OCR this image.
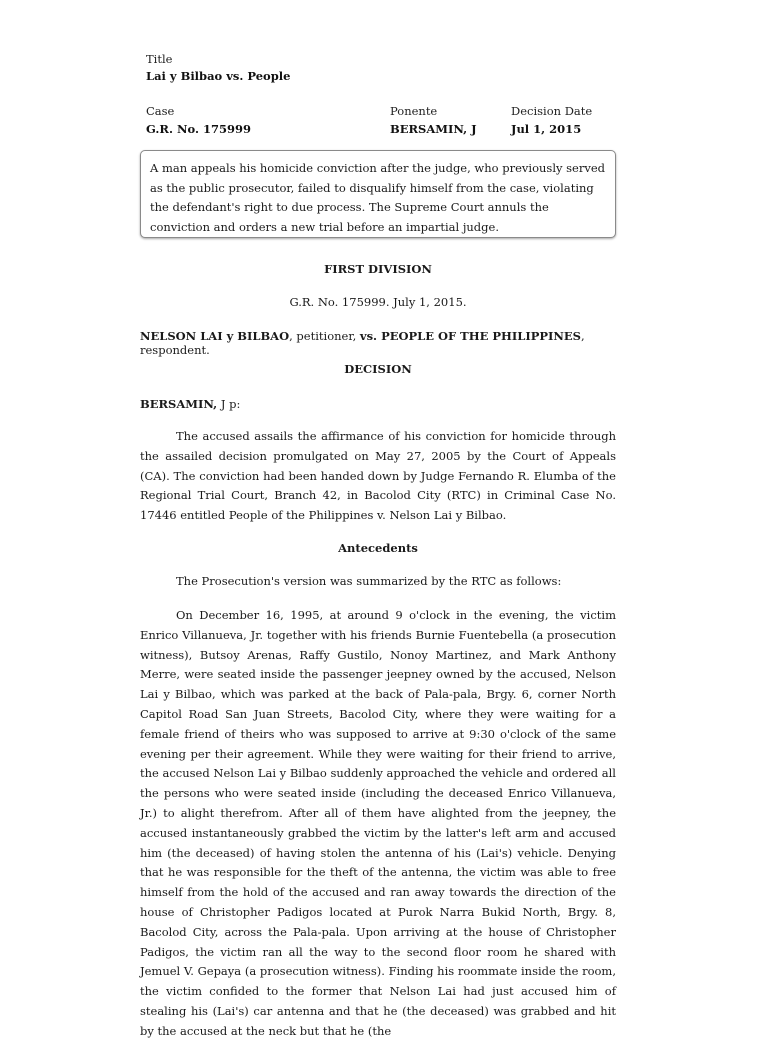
Title
Lai y Bilbao vs. People
Case
G.R. No. 175999
Ponente
BERSAMIN, J
Decision Date
Jul 1, 2015
A man appeals his homicide conviction after the judge, who previously served as the public prosecutor, failed to disqualify himself from the case, violating the defendant's right to due process. The Supreme Court annuls the conviction and orders a new trial before an impartial judge.
FIRST DIVISION
G.R. No. 175999. July 1, 2015.
NELSON LAI y BILBAO, petitioner, vs. PEOPLE OF THE PHILIPPINES, respondent.
DECISION
BERSAMIN, J p:
The accused assails the affirmance of his conviction for homicide through the assailed decision promulgated on May 27, 2005 by the Court of Appeals (CA). The conviction had been handed down by Judge Fernando R. Elumba of the Regional Trial Court, Branch 42, in Bacolod City (RTC) in Criminal Case No. 17446 entitled People of the Philippines v. Nelson Lai y Bilbao.
Antecedents
The Prosecution's version was summarized by the RTC as follows:
On December 16, 1995, at around 9 o'clock in the evening, the victim Enrico Villanueva, Jr. together with his friends Burnie Fuentebella (a prosecution witness), Butsoy Arenas, Raffy Gustilo, Nonoy Martinez, and Mark Anthony Merre, were seated inside the passenger jeepney owned by the accused, Nelson Lai y Bilbao, which was parked at the back of Pala-pala, Brgy. 6, corner North Capitol Road San Juan Streets, Bacolod City, where they were waiting for a female friend of theirs who was supposed to arrive at 9:30 o'clock of the same evening per their agreement. While they were waiting for their friend to arrive, the accused Nelson Lai y Bilbao suddenly approached the vehicle and ordered all the persons who were seated inside (including the deceased Enrico Villanueva, Jr.) to alight therefrom. After all of them have alighted from the jeepney, the accused instantaneously grabbed the victim by the latter's left arm and accused him (the deceased) of having stolen the antenna of his (Lai's) vehicle. Denying that he was responsible for the theft of the antenna, the victim was able to free himself from the hold of the accused and ran away towards the direction of the house of Christopher Padigos located at Purok Narra Bukid North, Brgy. 8, Bacolod City, across the Pala-pala. Upon arriving at the house of Christopher Padigos, the victim ran all the way to the second floor room he shared with Jemuel V. Gepaya (a prosecution witness). Finding his roommate inside the room, the victim confided to the former that Nelson Lai had just accused him of stealing his (Lai's) car antenna and that he (the deceased) was grabbed and hit by the accused at the neck but that he (the
